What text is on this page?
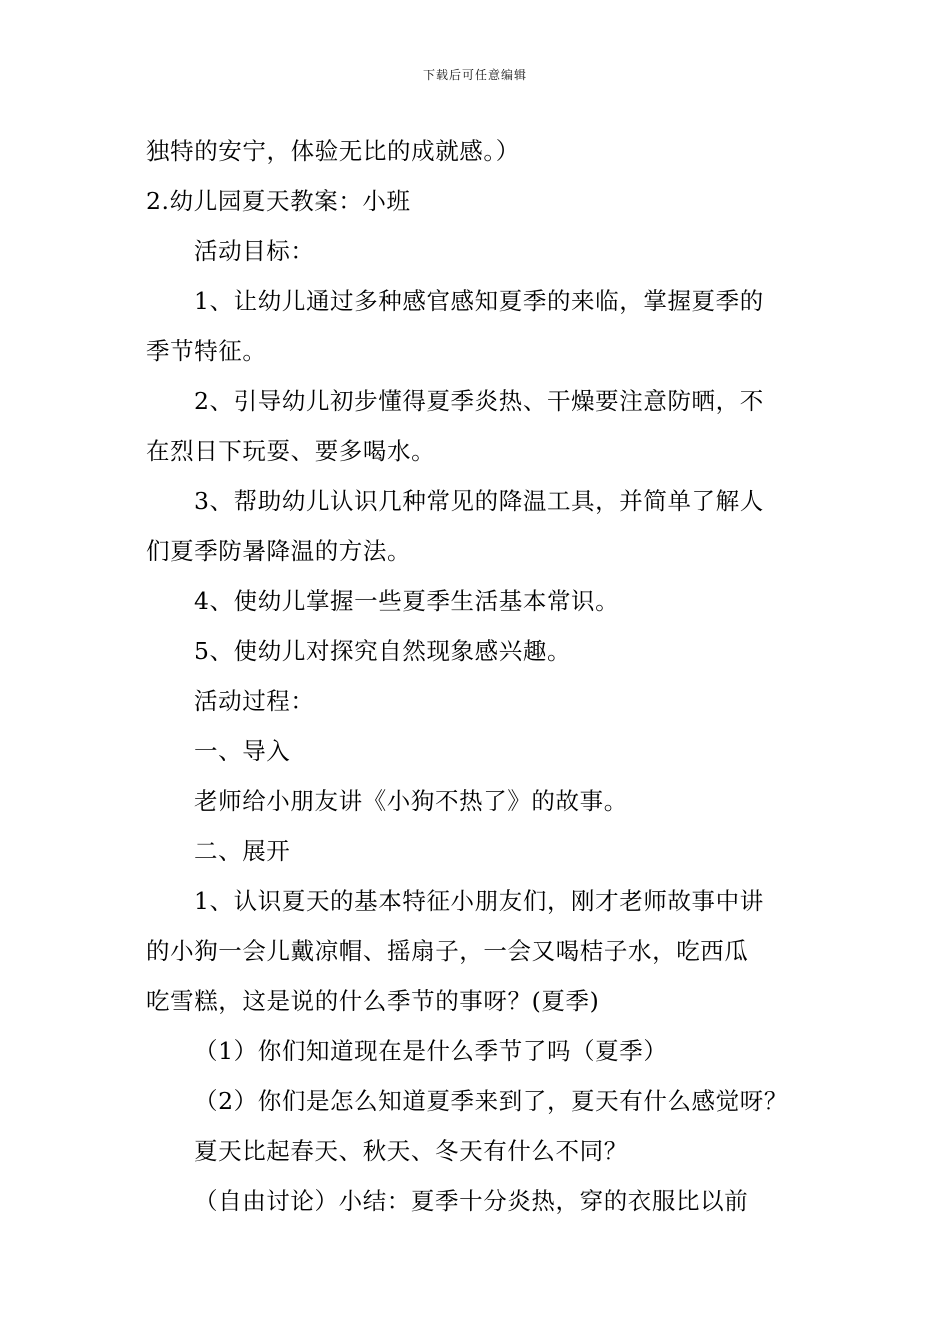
下载后可任意编辑
独特的安宁，体验无比的成就感。）
2.幼儿园夏天教案：小班
活动目标：
1、让幼儿通过多种感官感知夏季的来临，掌握夏季的
季节特征。
2、引导幼儿初步懂得夏季炎热、干燥要注意防晒，不
在烈日下玩耍、要多喝水。
3、帮助幼儿认识几种常见的降温工具，并简单了解人
们夏季防暑降温的方法。
4、使幼儿掌握一些夏季生活基本常识。
5、使幼儿对探究自然现象感兴趣。
活动过程：
一、导入
老师给小朋友讲《小狗不热了》的故事。
二、展开
1、认识夏天的基本特征小朋友们，刚才老师故事中讲
的小狗一会儿戴凉帽、摇扇子，一会又喝桔子水，吃西瓜
吃雪糕，这是说的什么季节的事呀？(夏季)
（1）你们知道现在是什么季节了吗（夏季）
（2）你们是怎么知道夏季来到了，夏天有什么感觉呀？
夏天比起春天、秋天、冬天有什么不同？
（自由讨论）小结：夏季十分炎热，穿的衣服比以前
